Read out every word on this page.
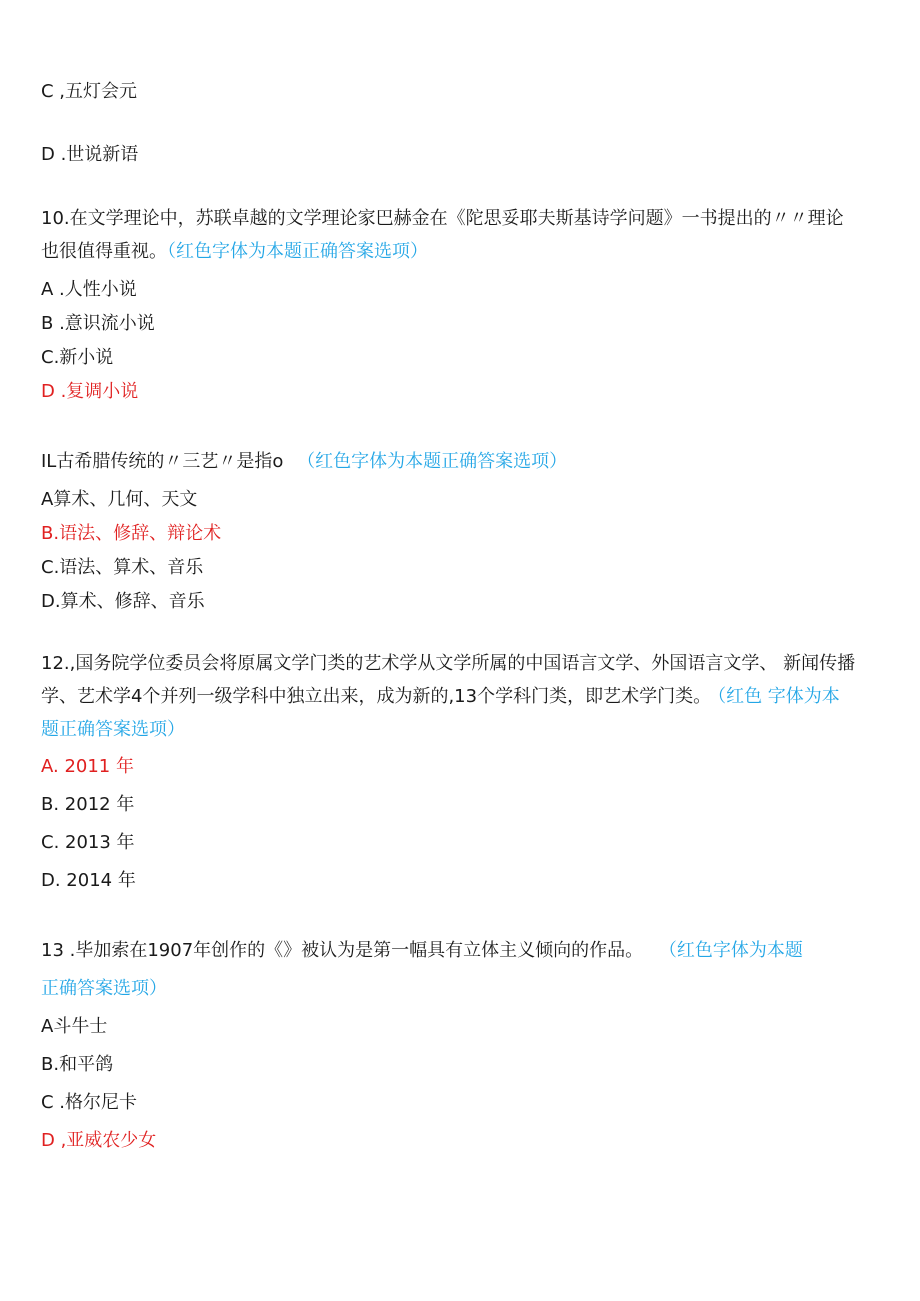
C ,五灯会元
D .世说新语
10.在文学理论中，苏联卓越的文学理论家巴赫金在《陀思妥耶夫斯基诗学问题》一书提出的〃〃理论
也很值得重视。（红色字体为本题正确答案选项）
A .人性小说
B .意识流小说
C.新小说
D .复调小说
IL古希腊传统的〃三艺〃是指o （红色字体为本题正确答案选项）
A算术、几何、天文
B.语法、修辞、辩论术
C.语法、算术、音乐
D.算术、修辞、音乐
12.,国务院学位委员会将原属文学门类的艺术学从文学所属的中国语言文学、外国语言文学、 新闻传播
学、艺术学4个并列一级学科中独立出来，成为新的,13个学科门类，即艺术学门类。 （红色 字体为本
题正确答案选项）
A. 2011 年
B. 2012 年
C. 2013 年
D. 2014 年
13 .毕加索在1907年创作的《》被认为是第一幅具有立体主义倾向的作品。 （红色字体为本题
正确答案选项）
A斗牛士
B.和平鸽
C .格尔尼卡
D ,亚威农少女
